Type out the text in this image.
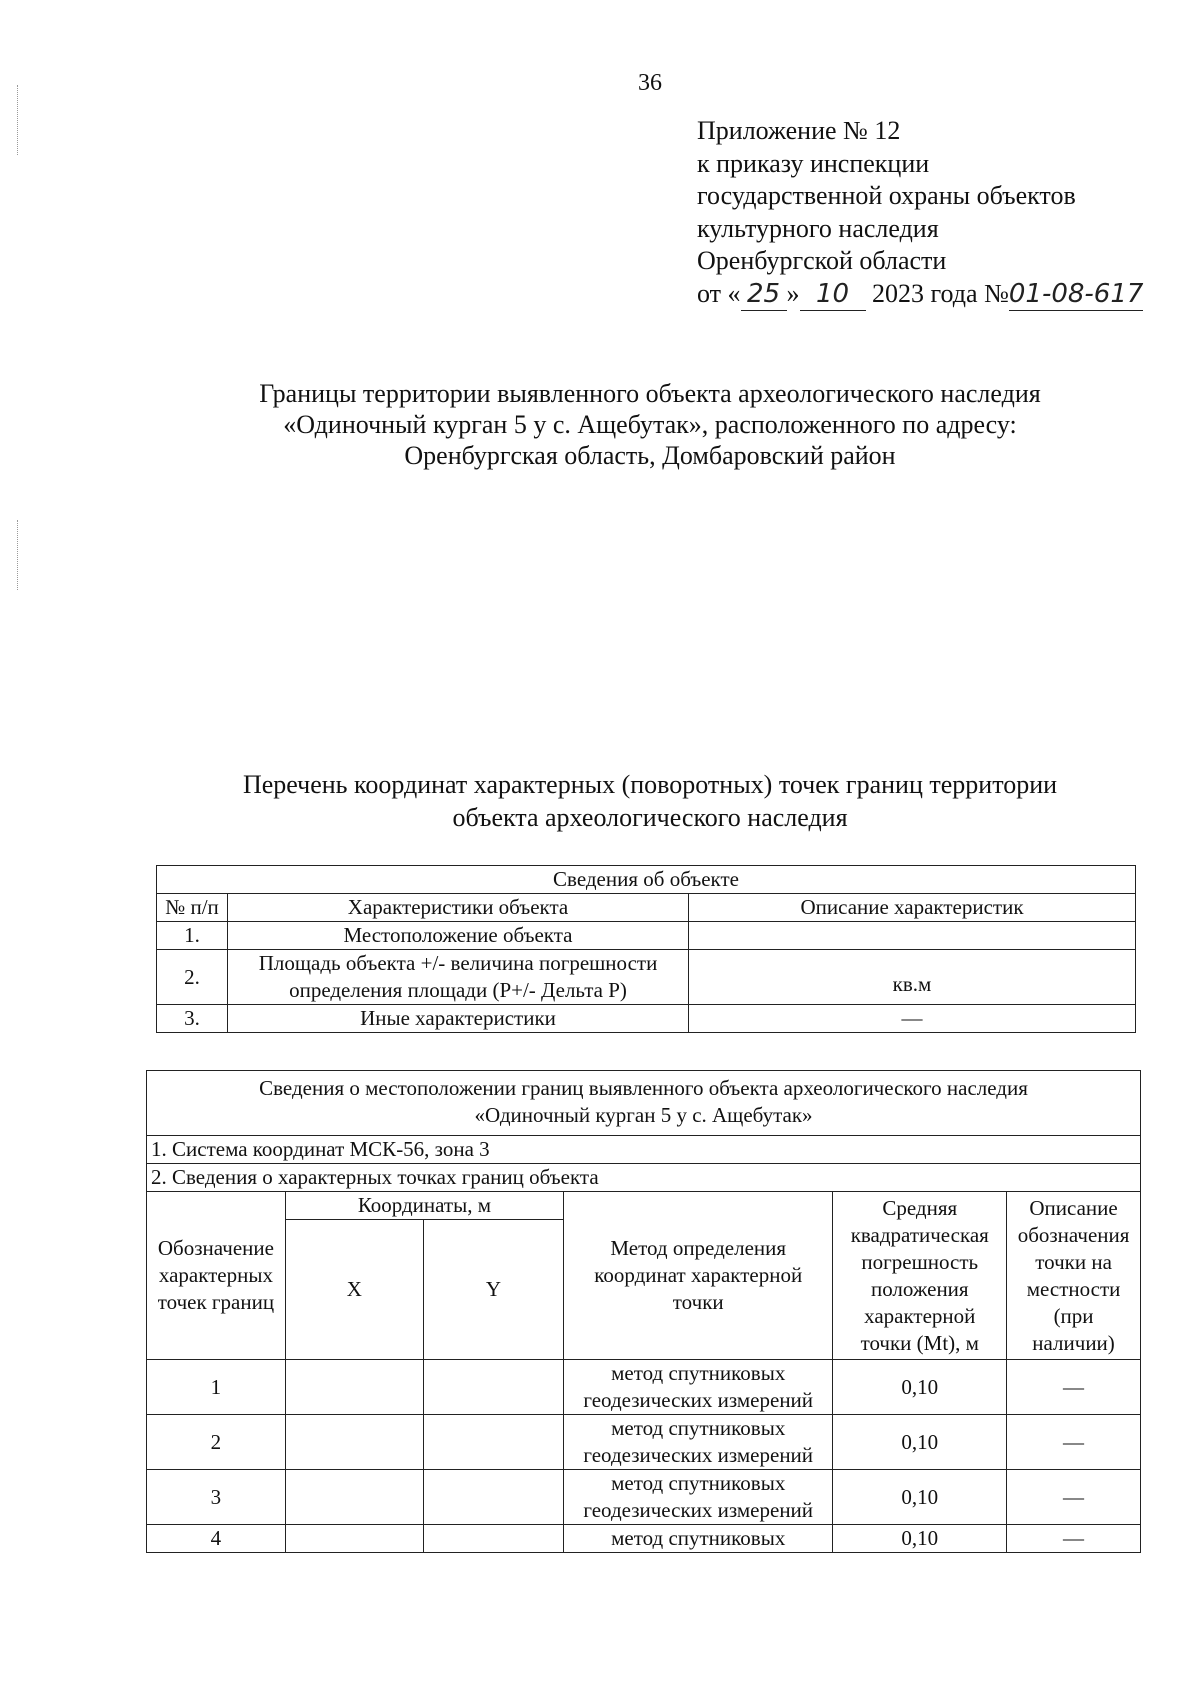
36
Приложение № 12
к приказу инспекции
государственной охраны объектов
культурного наследия
Оренбургской области
от « 25 » 10 2023 года №01-08-617
Границы территории выявленного объекта археологического наследия
«Одиночный курган 5 у с. Ащебутак», расположенного по адресу:
Оренбургская область, Домбаровский район
Перечень координат характерных (поворотных) точек границ территории
объекта археологического наследия
Сведения об объекте		
№ п/п	Характеристики объекта	Описание характеристик
1.	Местоположение объекта	
2.	Площадь объекта +/- величина погрешности определения площади (Р+/- Дельта Р)	кв.м
3.	Иные характеристики	—
Сведения о местоположении границ выявленного объекта археологического наследия
«Одиночный курган 5 у с. Ащебутак»					

1. Система координат МСК-56, зона 3					
2. Сведения о характерных точках границ объекта					
Обозначение характерных точек границ	Координаты, м		Метод определения координат характерной точки	Средняя квадратическая погрешность положения характерной точки (Mt), м	Описание обозначения точки на местности (при наличии)
	X	Y			
1			метод спутниковых геодезических измерений	0,10	—
2			метод спутниковых геодезических измерений	0,10	—
3			метод спутниковых геодезических измерений	0,10	—
4			метод спутниковых	0,10	—
